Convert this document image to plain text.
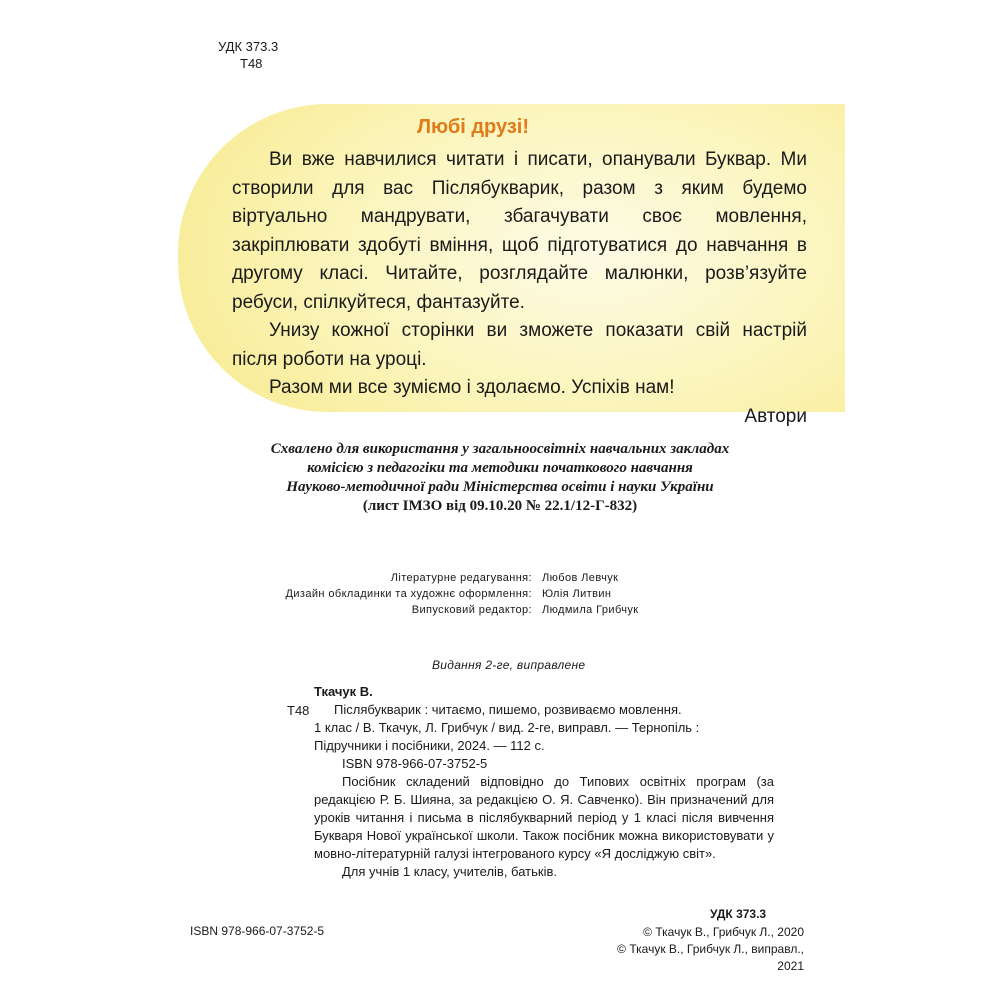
УДК 373.3
Т48
Любі друзі!

Ви вже навчилися читати і писати, опанували Буквар. Ми створили для вас Післябукварик, разом з яким будемо віртуально мандрувати, збагачувати своє мовлення, закріплювати здобуті вміння, щоб підготуватися до навчання в другому класі. Читайте, розглядайте малюнки, розв’язуйте ребуси, спілкуйтеся, фантазуйте.

Унизу кожної сторінки ви зможете показати свій настрій після роботи на уроці.

Разом ми все зуміємо і здолаємо. Успіхів нам!

Автори

Схвалено для використання у загальноосвітніх навчальних закладах
комісією з педагогіки та методики початкового навчання
Науково-методичної ради Міністерства освіти і науки України
(лист ІМЗО від 09.10.20 № 22.1/12-Г-832)
Літературне редагування: Любов Левчук
Дизайн обкладинки та художнє оформлення: Юлія Литвин
Випусковий редактор: Людмила Грибчук
Видання 2-ге, виправлене
Т48
Ткачук В.
Післябукварик : читаємо, пишемо, розвиваємо мовлення.
1 клас / В. Ткачук, Л. Грибчук / вид. 2-ге, виправл. — Тернопіль :
Підручники і посібники, 2024. — 112 с.
ISBN 978-966-07-3752-5

Посібник складений відповідно до Типових освітніх програм (за редакцією Р. Б. Шияна, за редакцією О. Я. Савченко). Він призначений для уроків читання і письма в післябукварний період у 1 класі після вивчення Букваря Нової української школи. Також посібник можна використовувати у мовно-літературній галузі інтегрованого курсу «Я досліджую світ».

Для учнів 1 класу, учителів, батьків.
УДК 373.3
ISBN 978-966-07-3752-5	© Ткачук В., Грибчук Л., 2020
© Ткачук В., Грибчук Л., виправл., 2021
